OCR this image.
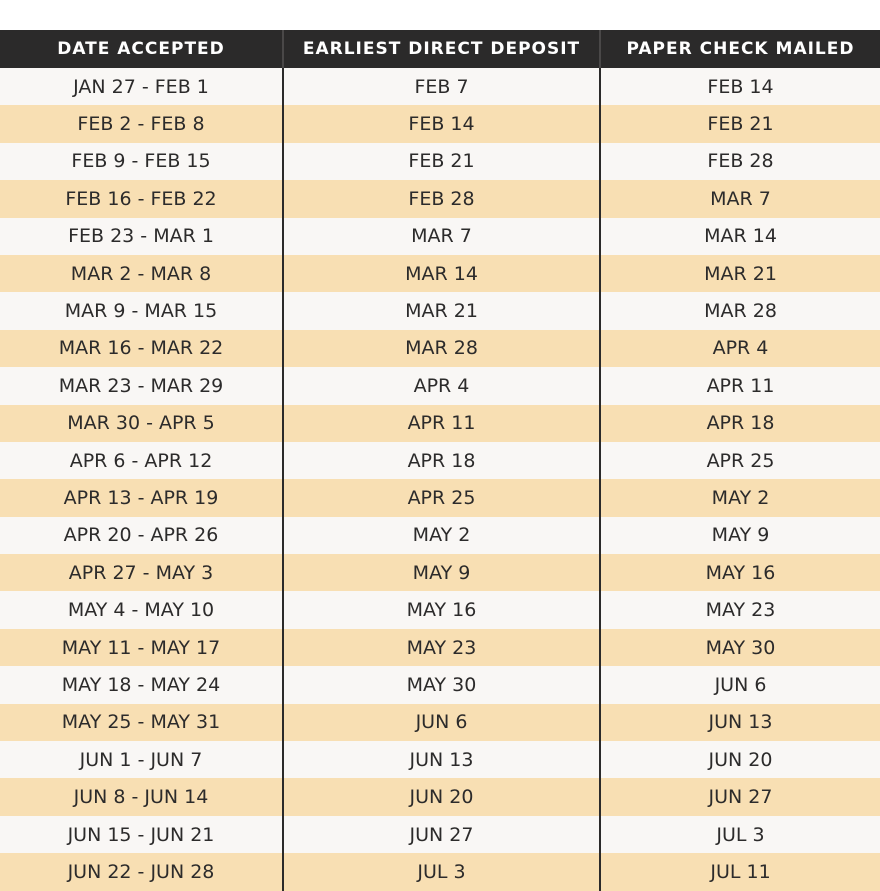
DATE ACCEPTED	EARLIEST DIRECT DEPOSIT	PAPER CHECK MAILED
JAN 27 - FEB 1	FEB 7	FEB 14
FEB 2 - FEB 8	FEB 14	FEB 21
FEB 9 - FEB 15	FEB 21	FEB 28
FEB 16 - FEB 22	FEB 28	MAR 7
FEB 23 - MAR 1	MAR 7	MAR 14
MAR 2 - MAR 8	MAR 14	MAR 21
MAR 9 - MAR 15	MAR 21	MAR 28
MAR 16 - MAR 22	MAR 28	APR 4
MAR 23 - MAR 29	APR 4	APR 11
MAR 30 - APR 5	APR 11	APR 18
APR 6 - APR 12	APR 18	APR 25
APR 13 - APR 19	APR 25	MAY 2
APR 20 - APR 26	MAY 2	MAY 9
APR 27 - MAY 3	MAY 9	MAY 16
MAY 4 - MAY 10	MAY 16	MAY 23
MAY 11 - MAY 17	MAY 23	MAY 30
MAY 18 - MAY 24	MAY 30	JUN 6
MAY 25 - MAY 31	JUN 6	JUN 13
JUN 1 - JUN 7	JUN 13	JUN 20
JUN 8 - JUN 14	JUN 20	JUN 27
JUN 15 - JUN 21	JUN 27	JUL 3
JUN 22 - JUN 28	JUL 3	JUL 11
